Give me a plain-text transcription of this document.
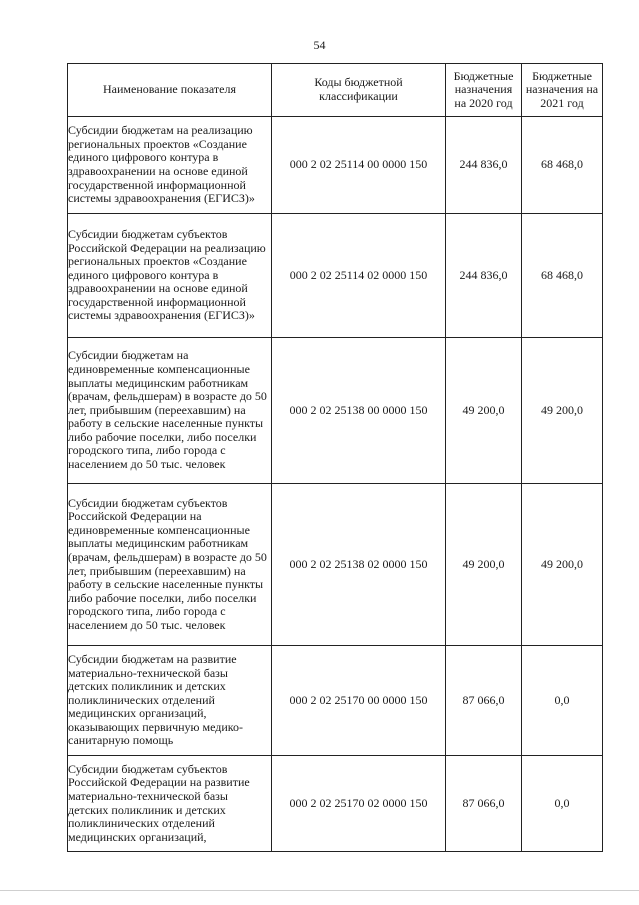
54
Наименование показателя	Коды бюджетной классификации	Бюджетные назначения на 2020 год	Бюджетные назначения на 2021 год
Субсидии бюджетам на реализацию региональных проектов «Создание единого цифрового контура в здравоохранении на основе единой государственной информационной системы здравоохранения (ЕГИСЗ)»	000 2 02 25114 00 0000 150	244 836,0	68 468,0
Субсидии бюджетам субъектов Российской Федерации на реализацию региональных проектов «Создание единого цифрового контура в здравоохранении на основе единой государственной информационной системы здравоохранения (ЕГИСЗ)»	000 2 02 25114 02 0000 150	244 836,0	68 468,0
Субсидии бюджетам на единовременные компенсационные выплаты медицинским работникам (врачам, фельдшерам) в возрасте до 50 лет, прибывшим (переехавшим) на работу в сельские населенные пункты либо рабочие поселки, либо поселки городского типа, либо города с населением до 50 тыс. человек	000 2 02 25138 00 0000 150	49 200,0	49 200,0
Субсидии бюджетам субъектов Российской Федерации на единовременные компенсационные выплаты медицинским работникам (врачам, фельдшерам) в возрасте до 50 лет, прибывшим (переехавшим) на работу в сельские населенные пункты либо рабочие поселки, либо поселки городского типа, либо города с населением до 50 тыс. человек	000 2 02 25138 02 0000 150	49 200,0	49 200,0
Субсидии бюджетам на развитие материально-технической базы детских поликлиник и детских поликлинических отделений медицинских организаций, оказывающих первичную медико-санитарную помощь	000 2 02 25170 00 0000 150	87 066,0	0,0
Субсидии бюджетам субъектов Российской Федерации на развитие материально-технической базы детских поликлиник и детских поликлинических отделений медицинских организаций,	000 2 02 25170 02 0000 150	87 066,0	0,0
